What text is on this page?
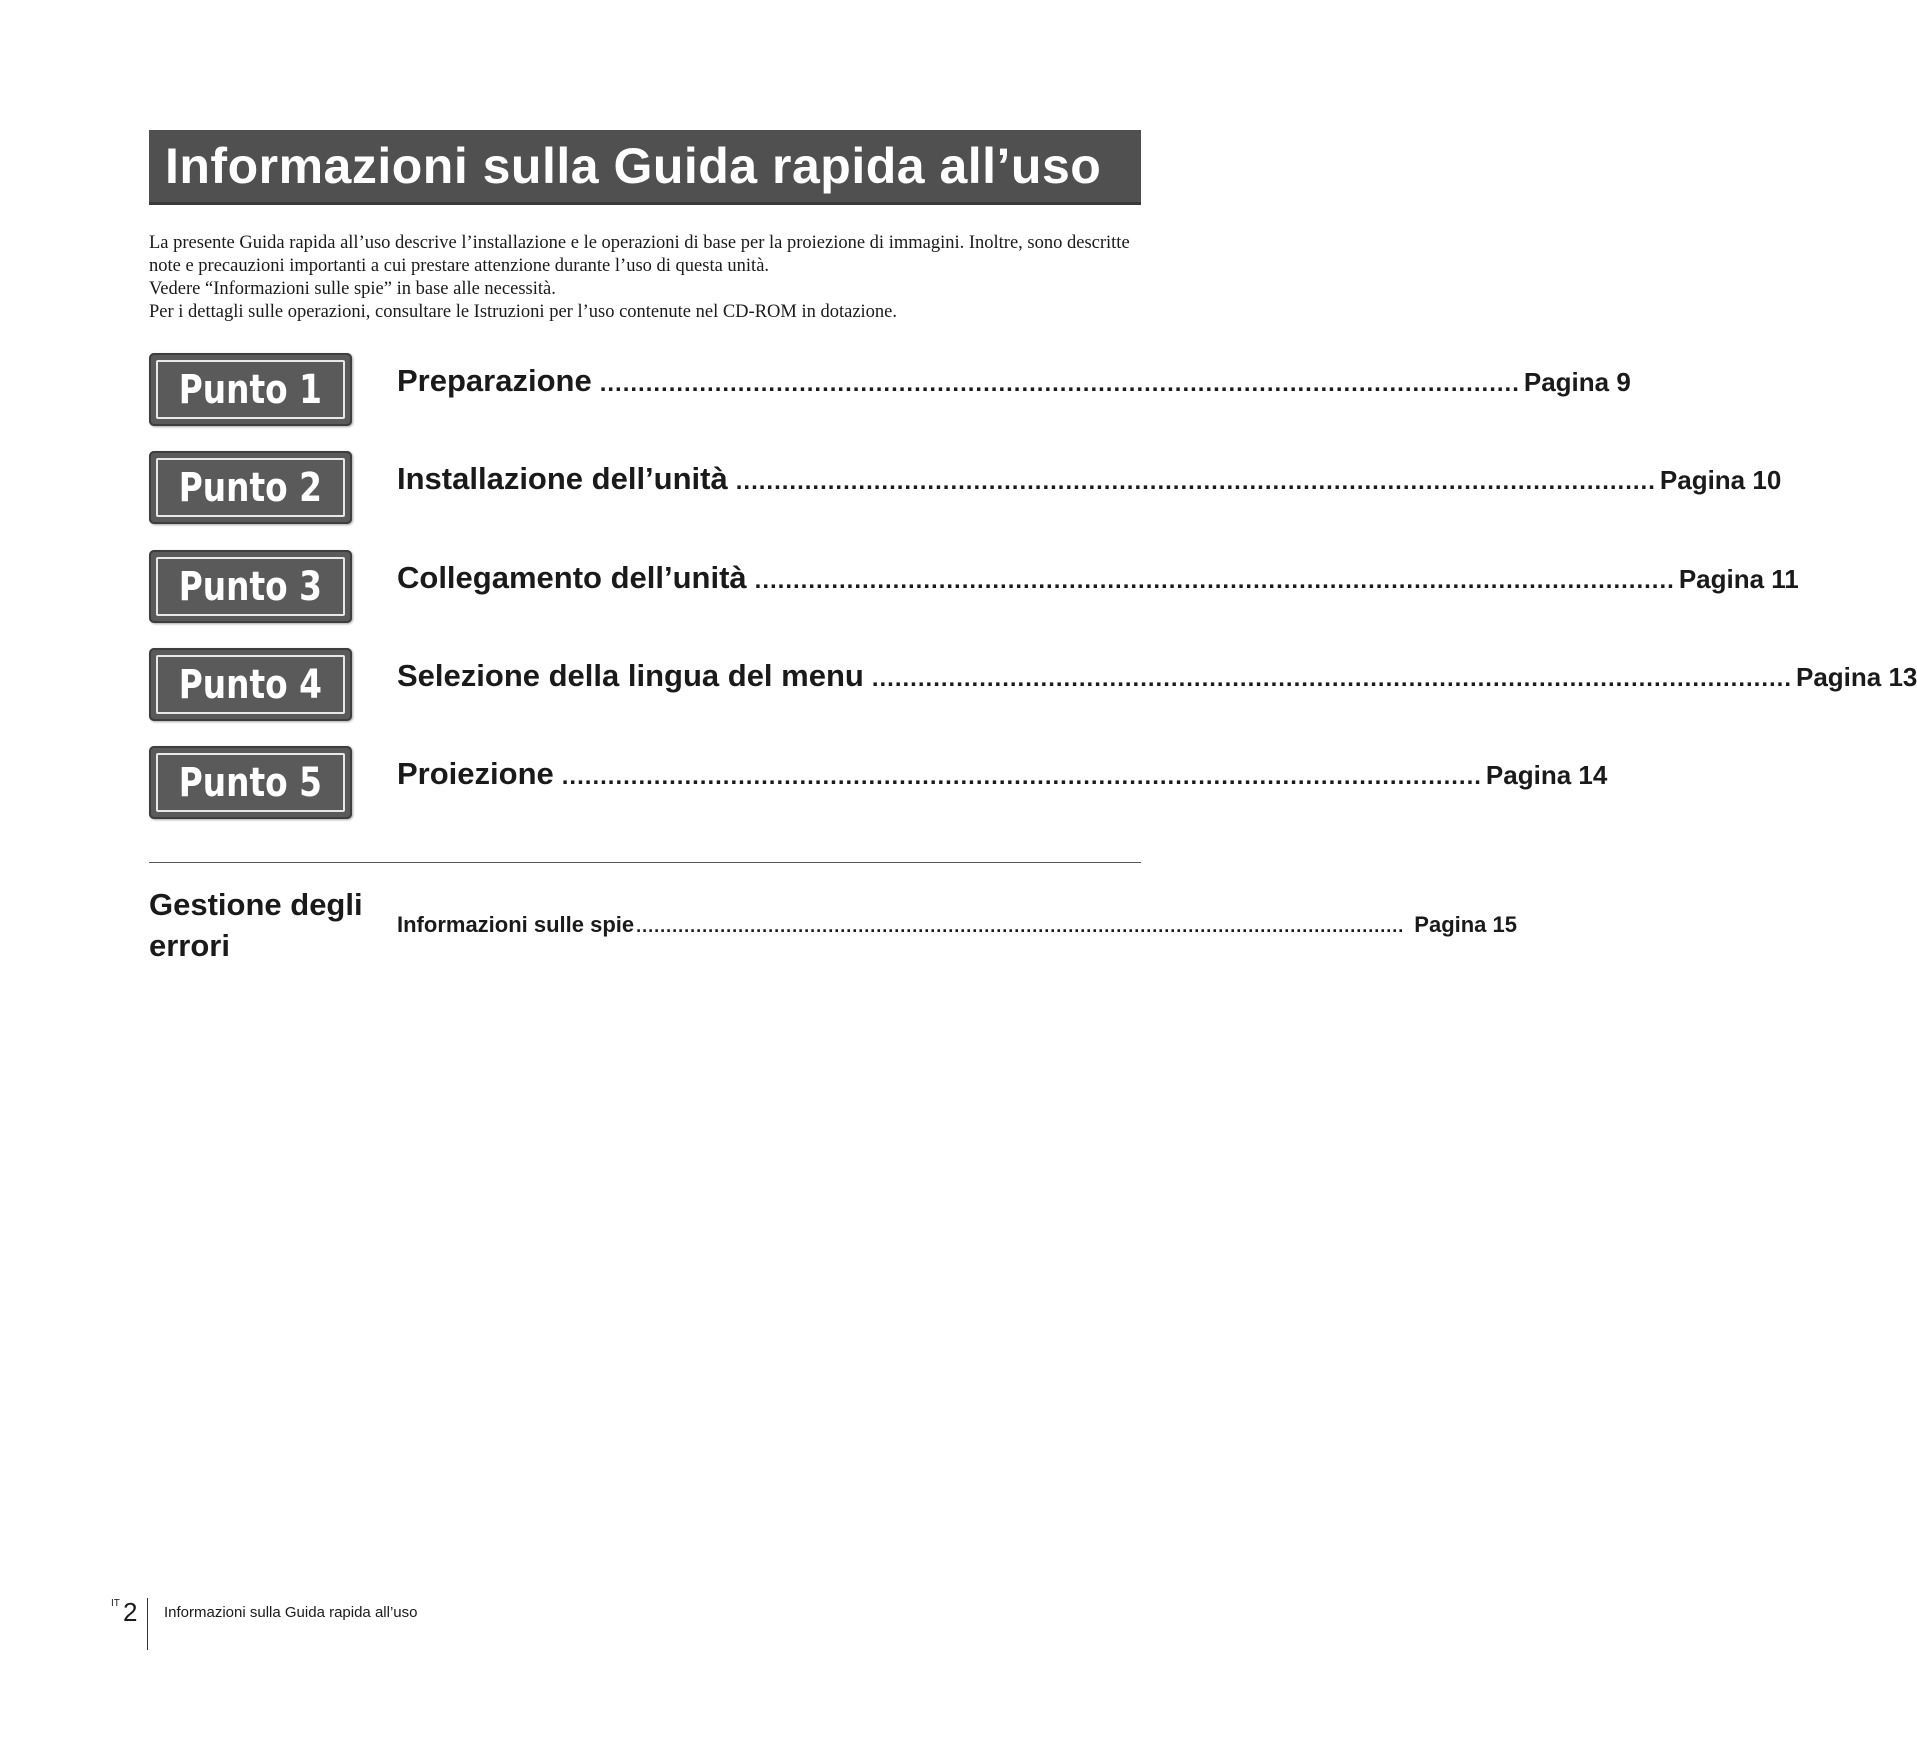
Informazioni sulla Guida rapida all’uso

La presente Guida rapida all’uso descrive l’installazione e le operazioni di base per la proiezione di immagini. Inoltre, sono descritte note e precauzioni importanti a cui prestare attenzione durante l’uso di questa unità.

Vedere “Informazioni sulle spie” in base alle necessità.

Per i dettagli sulle operazioni, consultare le Istruzioni per l’uso contenute nel CD-ROM in dotazione.

Punto 1 Preparazione ........................................................................................................................ Pagina 9
Punto 2 Installazione dell’unità ........................................................................................................................ Pagina 10
Punto 3 Collegamento dell’unità ........................................................................................................................ Pagina 11
Punto 4 Selezione della lingua del menu ........................................................................................................................ Pagina 13
Punto 5 Proiezione ........................................................................................................................ Pagina 14
Gestione degli errori
Informazioni sulle spie ................................................................................................................................ Pagina 15
IT 2 Informazioni sulla Guida rapida all’uso
